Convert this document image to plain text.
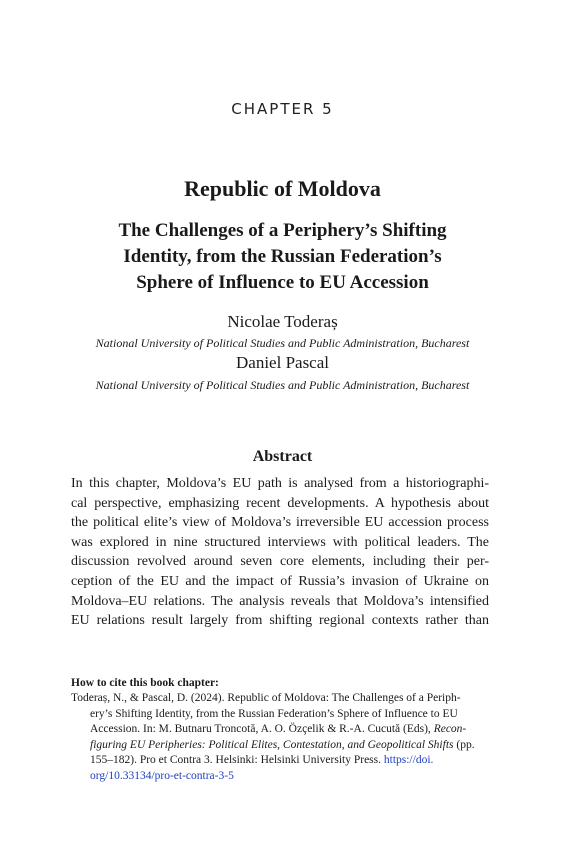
CHAPTER 5
Republic of Moldova
The Challenges of a Periphery’s Shifting
Identity, from the Russian Federation’s
Sphere of Influence to EU Accession
Nicolae Toderaș
National University of Political Studies and Public Administration, Bucharest
Daniel Pascal
National University of Political Studies and Public Administration, Bucharest
Abstract
In this chapter, Moldova’s EU path is analysed from a historiographi-
cal perspective, emphasizing recent developments. A hypothesis about
the political elite’s view of Moldova’s irreversible EU accession process
was explored in nine structured interviews with political leaders. The
discussion revolved around seven core elements, including their per-
ception of the EU and the impact of Russia’s invasion of Ukraine on
Moldova–EU relations. The analysis reveals that Moldova’s intensified
EU relations result largely from shifting regional contexts rather than
How to cite this book chapter:
Toderaș, N., & Pascal, D. (2024). Republic of Moldova: The Challenges of a Periph-
ery’s Shifting Identity, from the Russian Federation’s Sphere of Influence to EU
Accession. In: M. Butnaru Troncotă, A. O. Özçelik & R.-A. Cucută (Eds), Recon-
figuring EU Peripheries: Political Elites, Contestation, and Geopolitical Shifts (pp.
155–182). Pro et Contra 3. Helsinki: Helsinki University Press. https://doi.
org/10.33134/pro-et-contra-3-5
